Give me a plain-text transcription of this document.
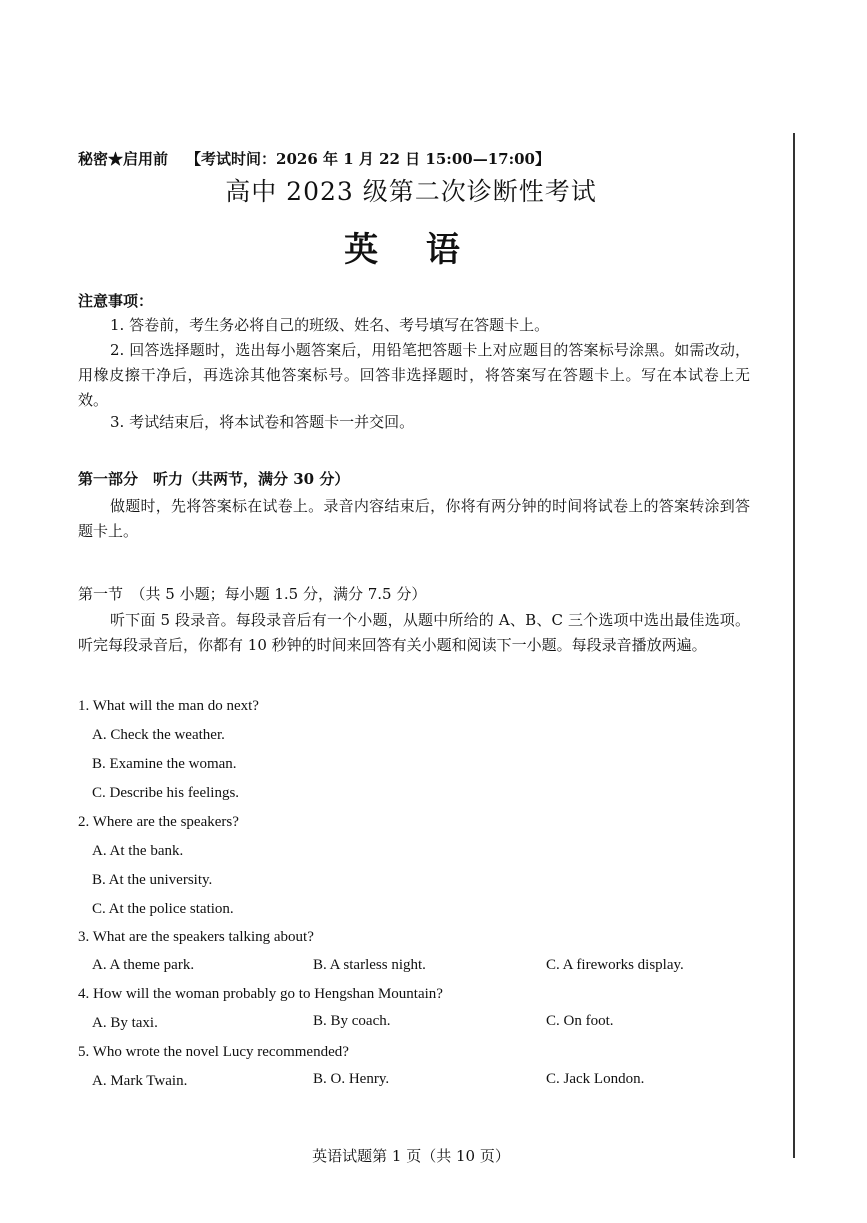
秘密★启用前 【考试时间：2026 年 1 月 22 日 15:00—17:00】
高中 2023 级第二次诊断性考试
英 语
注意事项：
1. 答卷前，考生务必将自己的班级、姓名、考号填写在答题卡上。
2. 回答选择题时，选出每小题答案后，用铅笔把答题卡上对应题目的答案标号涂黑。如需改动，用橡皮擦干净后，再选涂其他答案标号。回答非选择题时，将答案写在答题卡上。写在本试卷上无效。
3. 考试结束后，将本试卷和答题卡一并交回。
第一部分　听力（共两节，满分 30 分）
做题时，先将答案标在试卷上。录音内容结束后，你将有两分钟的时间将试卷上的答案转涂到答题卡上。
第一节　（共 5 小题；每小题 1.5 分，满分 7.5 分）
听下面 5 段录音。每段录音后有一个小题，从题中所给的 A、B、C 三个选项中选出最佳选项。听完每段录音后，你都有 10 秒钟的时间来回答有关小题和阅读下一小题。每段录音播放两遍。
1. What will the man do next?
A. Check the weather.
B. Examine the woman.
C. Describe his feelings.
2. Where are the speakers?
A. At the bank.
B. At the university.
C. At the police station.
3. What are the speakers talking about?
A. A theme park.	B. A starless night.	C. A fireworks display.
4. How will the woman probably go to Hengshan Mountain?
A. By taxi.	B. By coach.	C. On foot.
5. Who wrote the novel Lucy recommended?
A. Mark Twain.	B. O. Henry.	C. Jack London.
英语试题第 1 页（共 10 页）
